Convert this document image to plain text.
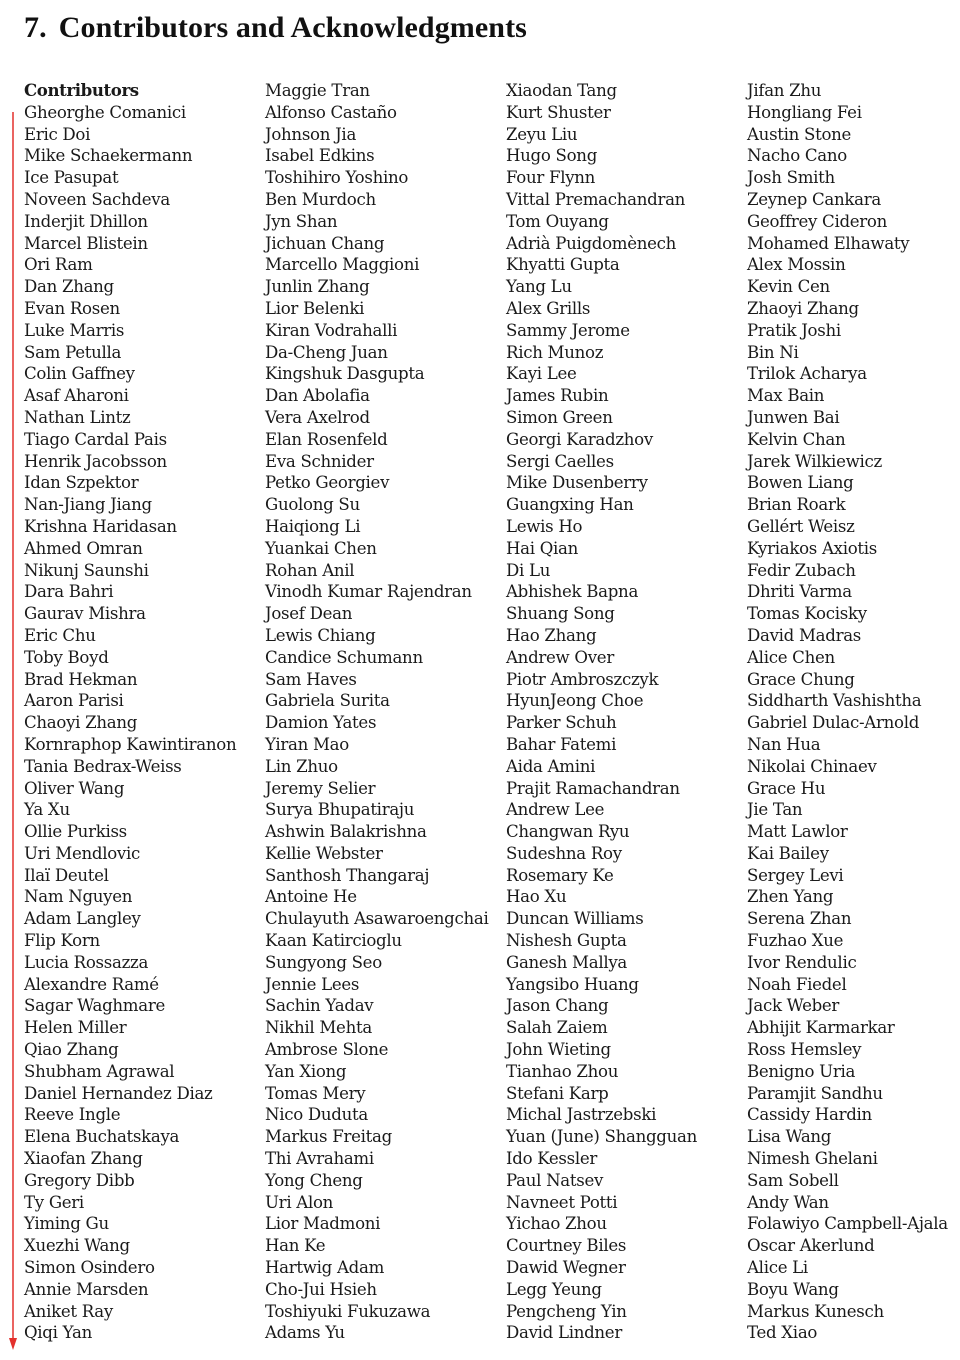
7. Contributors and Acknowledgments
Contributors
Gheorghe Comanici
Eric Doi
Mike Schaekermann
Ice Pasupat
Noveen Sachdeva
Inderjit Dhillon
Marcel Blistein
Ori Ram
Dan Zhang
Evan Rosen
Luke Marris
Sam Petulla
Colin Gaffney
Asaf Aharoni
Nathan Lintz
Tiago Cardal Pais
Henrik Jacobsson
Idan Szpektor
Nan-Jiang Jiang
Krishna Haridasan
Ahmed Omran
Nikunj Saunshi
Dara Bahri
Gaurav Mishra
Eric Chu
Toby Boyd
Brad Hekman
Aaron Parisi
Chaoyi Zhang
Kornraphop Kawintiranon
Tania Bedrax-Weiss
Oliver Wang
Ya Xu
Ollie Purkiss
Uri Mendlovic
Ilaï Deutel
Nam Nguyen
Adam Langley
Flip Korn
Lucia Rossazza
Alexandre Ramé
Sagar Waghmare
Helen Miller
Qiao Zhang
Shubham Agrawal
Daniel Hernandez Diaz
Reeve Ingle
Elena Buchatskaya
Xiaofan Zhang
Gregory Dibb
Ty Geri
Yiming Gu
Xuezhi Wang
Simon Osindero
Annie Marsden
Aniket Ray
Qiqi Yan
Maggie Tran
Alfonso Castaño
Johnson Jia
Isabel Edkins
Toshihiro Yoshino
Ben Murdoch
Jyn Shan
Jichuan Chang
Marcello Maggioni
Junlin Zhang
Lior Belenki
Kiran Vodrahalli
Da-Cheng Juan
Kingshuk Dasgupta
Dan Abolafia
Vera Axelrod
Elan Rosenfeld
Eva Schnider
Petko Georgiev
Guolong Su
Haiqiong Li
Yuankai Chen
Rohan Anil
Vinodh Kumar Rajendran
Josef Dean
Lewis Chiang
Candice Schumann
Sam Haves
Gabriela Surita
Damion Yates
Yiran Mao
Lin Zhuo
Jeremy Selier
Surya Bhupatiraju
Ashwin Balakrishna
Kellie Webster
Santhosh Thangaraj
Antoine He
Chulayuth Asawaroengchai
Kaan Katircioglu
Sungyong Seo
Jennie Lees
Sachin Yadav
Nikhil Mehta
Ambrose Slone
Yan Xiong
Tomas Mery
Nico Duduta
Markus Freitag
Thi Avrahami
Yong Cheng
Uri Alon
Lior Madmoni
Han Ke
Hartwig Adam
Cho-Jui Hsieh
Toshiyuki Fukuzawa
Adams Yu
Xiaodan Tang
Kurt Shuster
Zeyu Liu
Hugo Song
Four Flynn
Vittal Premachandran
Tom Ouyang
Adrià Puigdomènech
Khyatti Gupta
Yang Lu
Alex Grills
Sammy Jerome
Rich Munoz
Kayi Lee
James Rubin
Simon Green
Georgi Karadzhov
Sergi Caelles
Mike Dusenberry
Guangxing Han
Lewis Ho
Hai Qian
Di Lu
Abhishek Bapna
Shuang Song
Hao Zhang
Andrew Over
Piotr Ambroszczyk
HyunJeong Choe
Parker Schuh
Bahar Fatemi
Aida Amini
Prajit Ramachandran
Andrew Lee
Changwan Ryu
Sudeshna Roy
Rosemary Ke
Hao Xu
Duncan Williams
Nishesh Gupta
Ganesh Mallya
Yangsibo Huang
Jason Chang
Salah Zaiem
John Wieting
Tianhao Zhou
Stefani Karp
Michal Jastrzebski
Yuan (June) Shangguan
Ido Kessler
Paul Natsev
Navneet Potti
Yichao Zhou
Courtney Biles
Dawid Wegner
Legg Yeung
Pengcheng Yin
David Lindner
Jifan Zhu
Hongliang Fei
Austin Stone
Nacho Cano
Josh Smith
Zeynep Cankara
Geoffrey Cideron
Mohamed Elhawaty
Alex Mossin
Kevin Cen
Zhaoyi Zhang
Pratik Joshi
Bin Ni
Trilok Acharya
Max Bain
Junwen Bai
Kelvin Chan
Jarek Wilkiewicz
Bowen Liang
Brian Roark
Gellért Weisz
Kyriakos Axiotis
Fedir Zubach
Dhriti Varma
Tomas Kocisky
David Madras
Alice Chen
Grace Chung
Siddharth Vashishtha
Gabriel Dulac-Arnold
Nan Hua
Nikolai Chinaev
Grace Hu
Jie Tan
Matt Lawlor
Kai Bailey
Sergey Levi
Zhen Yang
Serena Zhan
Fuzhao Xue
Ivor Rendulic
Noah Fiedel
Jack Weber
Abhijit Karmarkar
Ross Hemsley
Benigno Uria
Paramjit Sandhu
Cassidy Hardin
Lisa Wang
Nimesh Ghelani
Sam Sobell
Andy Wan
Folawiyo Campbell-Ajala
Oscar Akerlund
Alice Li
Boyu Wang
Markus Kunesch
Ted Xiao
